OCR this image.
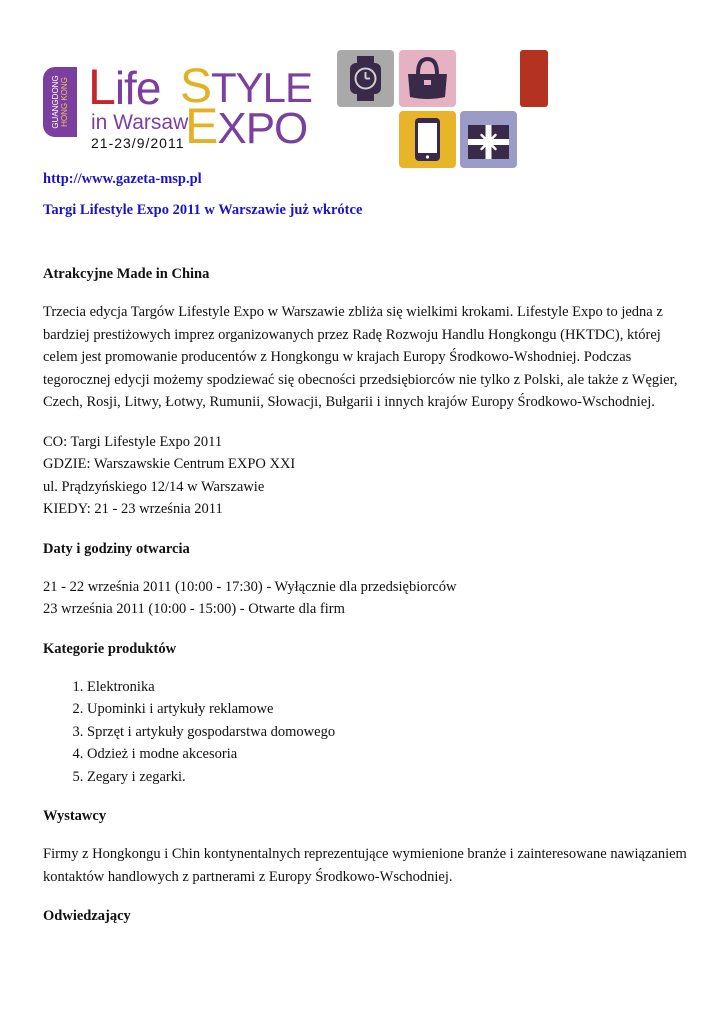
GUANGDONG HONG KONG Life STYLE
in Warsaw
EXPO
21-23/9/2011
http://www.gazeta-msp.pl
Targi Lifestyle Expo 2011 w Warszawie już wkrótce
Atrakcyjne Made in China

Trzecia edycja Targów Lifestyle Expo w Warszawie zbliża się wielkimi krokami. Lifestyle Expo to jedna z bardziej prestiżowych imprez organizowanych przez Radę Rozwoju Handlu Hongkongu (HKTDC), której celem jest promowanie producentów z Hongkongu w krajach Europy Środkowo-Wshodniej. Podczas tegorocznej edycji możemy spodziewać się obecności przedsiębiorców nie tylko z Polski, ale także z Węgier, Czech, Rosji, Litwy, Łotwy, Rumunii, Słowacji, Bułgarii i innych krajów Europy Środkowo-Wschodniej.

CO: Targi Lifestyle Expo 2011
GDZIE: Warszawskie Centrum EXPO XXI
ul. Prądzyńskiego 12/14 w Warszawie
KIEDY: 21 - 23 września 2011
Daty i godziny otwarcia
21 - 22 września 2011 (10:00 - 17:30) - Wyłącznie dla przedsiębiorców
23 września 2011 (10:00 - 15:00) - Otwarte dla firm
Kategorie produktów
1. Elektronika
2. Upominki i artykuły reklamowe
3. Sprzęt i artykuły gospodarstwa domowego
4. Odzież i modne akcesoria
5. Zegary i zegarki.
Wystawcy

Firmy z Hongkongu i Chin kontynentalnych reprezentujące wymienione branże i zainteresowane nawiązaniem kontaktów handlowych z partnerami z Europy Środkowo-Wschodniej.

Odwiedzający
